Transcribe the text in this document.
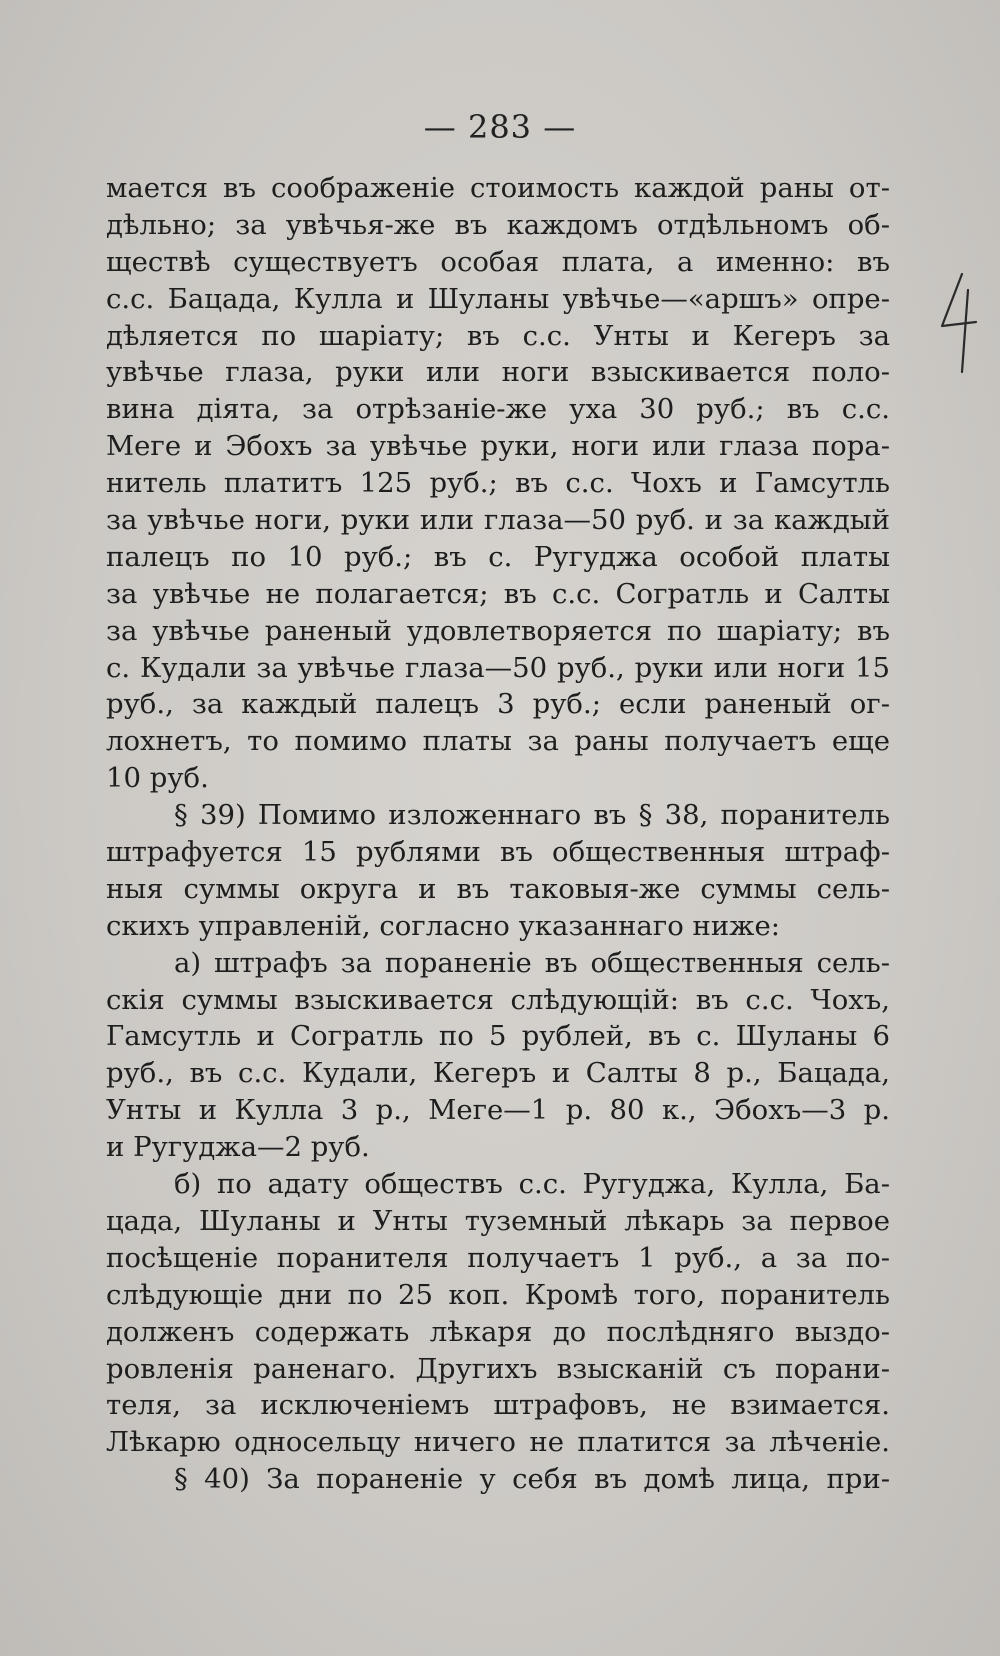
— 283 —
мается въ соображеніе стоимость каждой раны от-
дѣльно; за увѣчья-же въ каждомъ отдѣльномъ об-
ществѣ существуетъ особая плата, а именно: въ
с.с. Бацада, Кулла и Шуланы увѣчье—«аршъ» опре-
дѣляется по шаріату; въ с.с. Унты и Кегеръ за
увѣчье глаза, руки или ноги взыскивается поло-
вина діята, за отрѣзаніе-же уха 30 руб.; въ с.с.
Меге и Эбохъ за увѣчье руки, ноги или глаза пора-
нитель платитъ 125 руб.; въ с.с. Чохъ и Гамсутль
за увѣчье ноги, руки или глаза—50 руб. и за каждый
палецъ по 10 руб.; въ с. Ругуджа особой платы
за увѣчье не полагается; въ с.с. Согратль и Салты
за увѣчье раненый удовлетворяется по шаріату; въ
с. Кудали за увѣчье глаза—50 руб., руки или ноги 15
руб., за каждый палецъ 3 руб.; если раненый ог-
лохнетъ, то помимо платы за раны получаетъ еще
10 руб.
§ 39) Помимо изложеннаго въ § 38, поранитель
штрафуется 15 рублями въ общественныя штраф-
ныя суммы округа и въ таковыя-же суммы сель-
скихъ управленій, согласно указаннаго ниже:
а) штрафъ за пораненіе въ общественныя сель-
скія суммы взыскивается слѣдующій: въ с.с. Чохъ,
Гамсутль и Согратль по 5 рублей, въ с. Шуланы 6
руб., въ с.с. Кудали, Кегеръ и Салты 8 р., Бацада,
Унты и Кулла 3 р., Меге—1 р. 80 к., Эбохъ—3 р.
и Ругуджа—2 руб.
б) по адату обществъ с.с. Ругуджа, Кулла, Ба-
цада, Шуланы и Унты туземный лѣкарь за первое
посѣщеніе поранителя получаетъ 1 руб., а за по-
слѣдующіе дни по 25 коп. Кромѣ того, поранитель
долженъ содержать лѣкаря до послѣдняго выздо-
ровленія раненаго. Другихъ взысканій съ порани-
теля, за исключеніемъ штрафовъ, не взимается.
Лѣкарю односельцу ничего не платится за лѣченіе.
§ 40) За пораненіе у себя въ домѣ лица, при-
